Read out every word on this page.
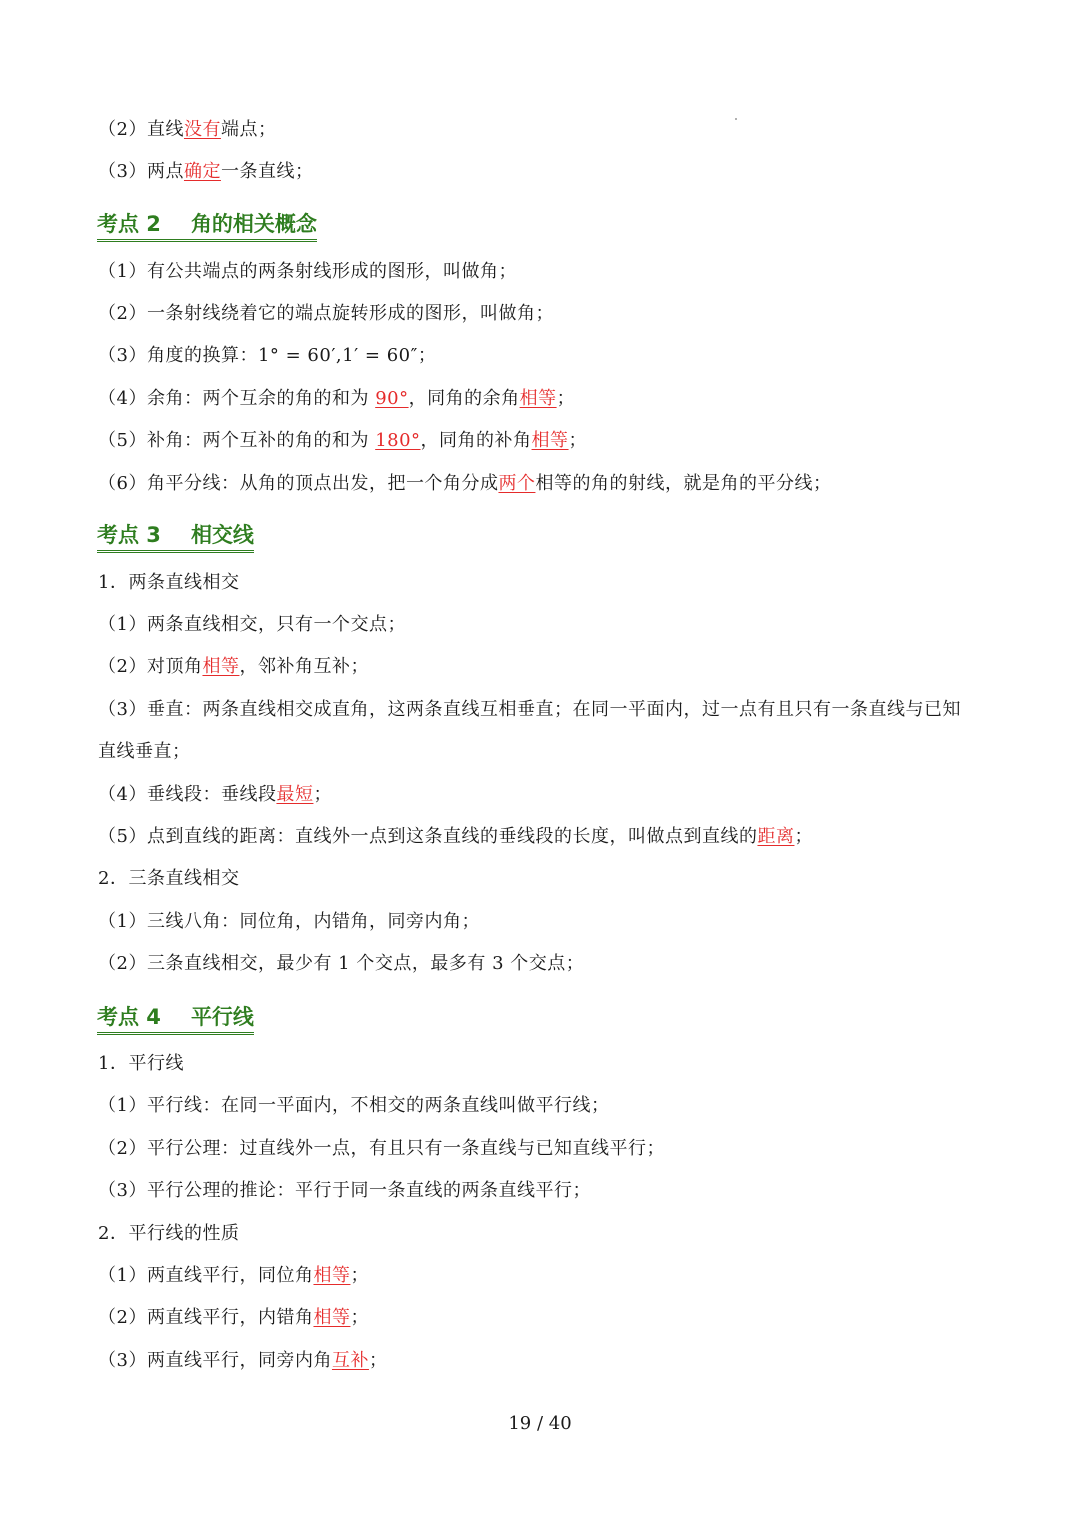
（2）直线没有端点；
（3）两点确定一条直线；
考点 2 角的相关概念
（1）有公共端点的两条射线形成的图形，叫做角；
（2）一条射线绕着它的端点旋转形成的图形，叫做角；
（3）角度的换算：1° = 60′,1′ = 60″；
（4）余角：两个互余的角的和为 90°，同角的余角相等；
（5）补角：两个互补的角的和为 180°，同角的补角相等；
（6）角平分线：从角的顶点出发，把一个角分成两个相等的角的射线，就是角的平分线；
考点 3 相交线
1．两条直线相交
（1）两条直线相交，只有一个交点；
（2）对顶角相等，邻补角互补；
（3）垂直：两条直线相交成直角，这两条直线互相垂直；在同一平面内，过一点有且只有一条直线与已知
直线垂直；
（4）垂线段：垂线段最短；
（5）点到直线的距离：直线外一点到这条直线的垂线段的长度，叫做点到直线的距离；
2．三条直线相交
（1）三线八角：同位角，内错角，同旁内角；
（2）三条直线相交，最少有 1 个交点，最多有 3 个交点；
考点 4 平行线
1．平行线
（1）平行线：在同一平面内，不相交的两条直线叫做平行线；
（2）平行公理：过直线外一点，有且只有一条直线与已知直线平行；
（3）平行公理的推论：平行于同一条直线的两条直线平行；
2．平行线的性质
（1）两直线平行，同位角相等；
（2）两直线平行，内错角相等；
（3）两直线平行，同旁内角互补；
19 / 40
